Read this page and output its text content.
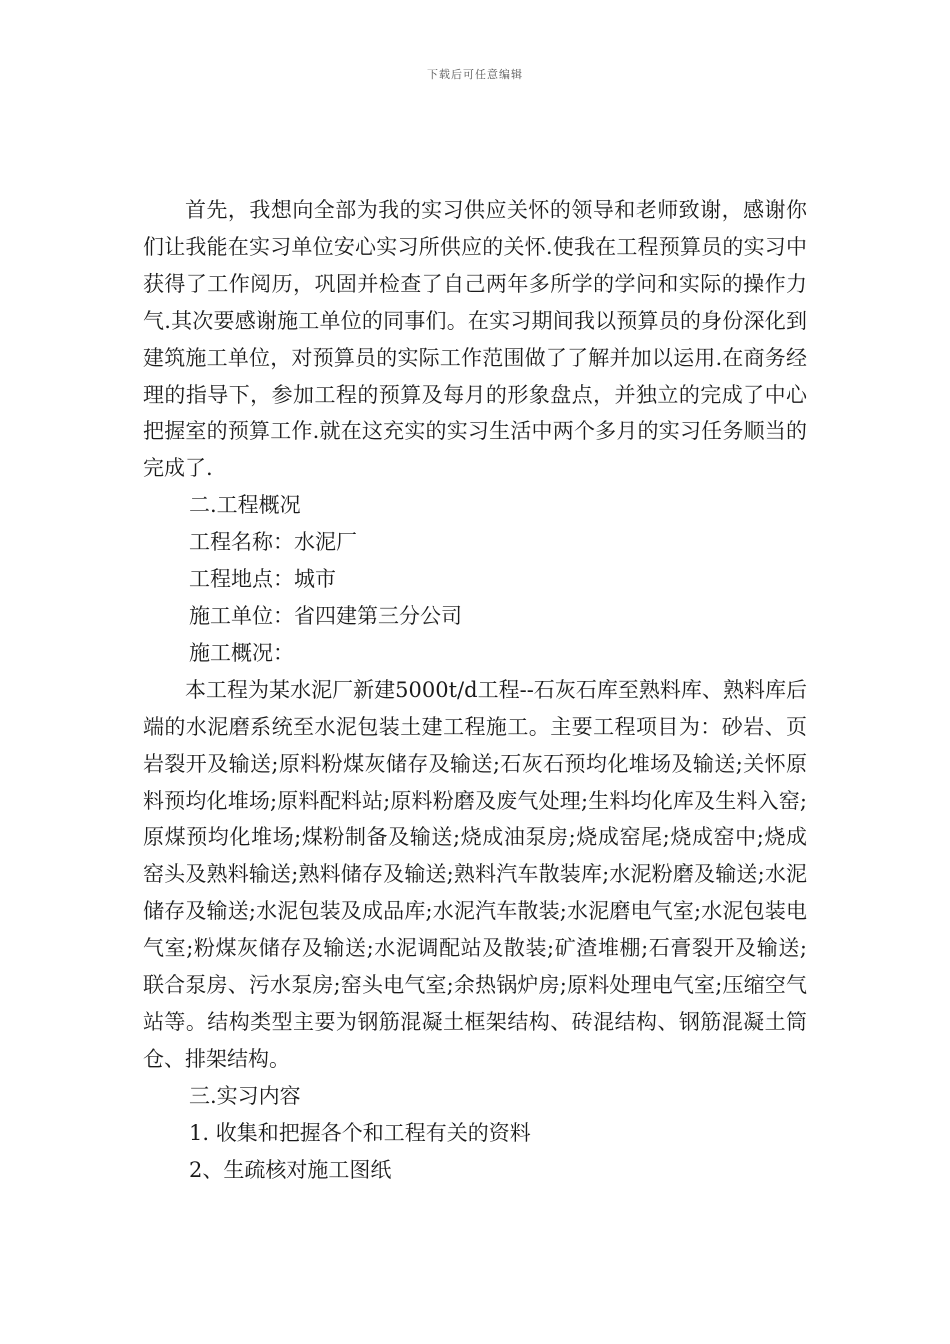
下载后可任意编辑

首先，我想向全部为我的实习供应关怀的领导和老师致谢，感谢你们让我能在实习单位安心实习所供应的关怀.使我在工程预算员的实习中获得了工作阅历，巩固并检查了自己两年多所学的学问和实际的操作力气.其次要感谢施工单位的同事们。在实习期间我以预算员的身份深化到建筑施工单位，对预算员的实际工作范围做了了解并加以运用.在商务经理的指导下，参加工程的预算及每月的形象盘点，并独立的完成了中心把握室的预算工作.就在这充实的实习生活中两个多月的实习任务顺当的完成了.

二.工程概况

工程名称：水泥厂

工程地点：城市

施工单位：省四建第三分公司

施工概况：

本工程为某水泥厂新建5000t/d工程--石灰石库至熟料库、熟料库后端的水泥磨系统至水泥包装土建工程施工。主要工程项目为：砂岩、页岩裂开及输送;原料粉煤灰储存及输送;石灰石预均化堆场及输送;关怀原料预均化堆场;原料配料站;原料粉磨及废气处理;生料均化库及生料入窑;原煤预均化堆场;煤粉制备及输送;烧成油泵房;烧成窑尾;烧成窑中;烧成窑头及熟料输送;熟料储存及输送;熟料汽车散装库;水泥粉磨及输送;水泥储存及输送;水泥包装及成品库;水泥汽车散装;水泥磨电气室;水泥包装电气室;粉煤灰储存及输送;水泥调配站及散装;矿渣堆棚;石膏裂开及输送;联合泵房、污水泵房;窑头电气室;余热锅炉房;原料处理电气室;压缩空气站等。结构类型主要为钢筋混凝土框架结构、砖混结构、钢筋混凝土筒仓、排架结构。

三.实习内容

1. 收集和把握各个和工程有关的资料

2、生疏核对施工图纸
